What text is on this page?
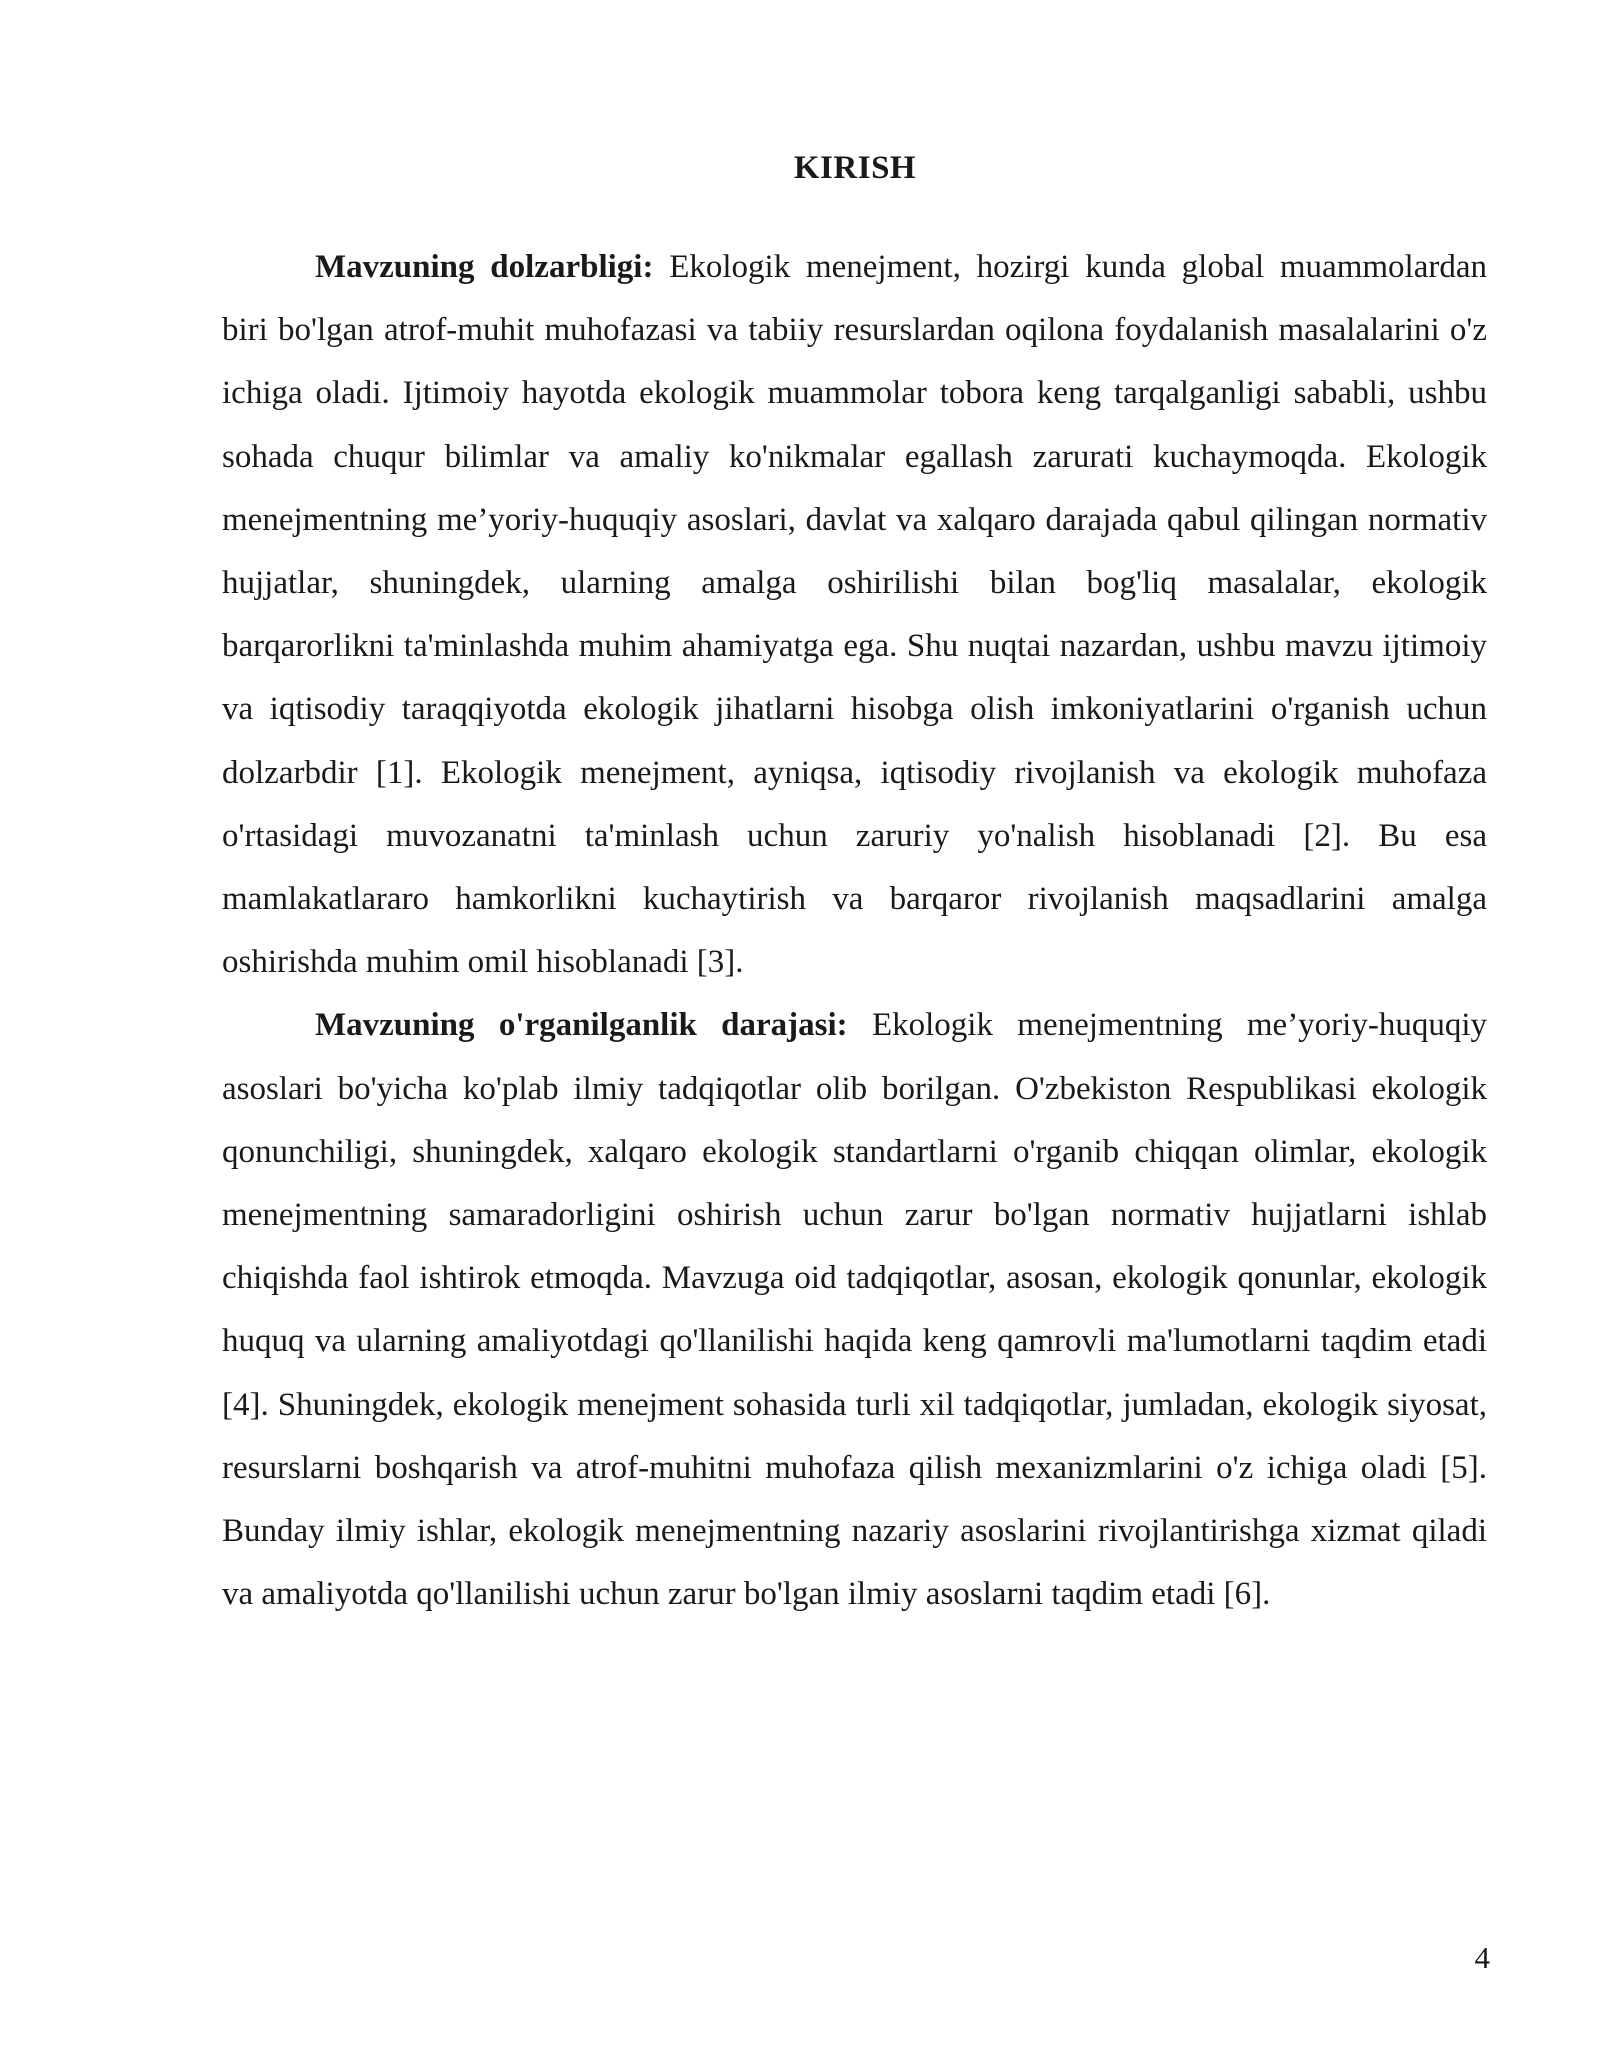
KIRISH

Mavzuning dolzarbligi: Ekologik menejment, hozirgi kunda global muammolardan biri bo'lgan atrof-muhit muhofazasi va tabiiy resurslardan oqilona foydalanish masalalarini o'z ichiga oladi. Ijtimoiy hayotda ekologik muammolar tobora keng tarqalganligi sababli, ushbu sohada chuqur bilimlar va amaliy ko'nikmalar egallash zarurati kuchaymoqda. Ekologik menejmentning me’yoriy-huquqiy asoslari, davlat va xalqaro darajada qabul qilingan normativ hujjatlar, shuningdek, ularning amalga oshirilishi bilan bog'liq masalalar, ekologik barqarorlikni ta'minlashda muhim ahamiyatga ega. Shu nuqtai nazardan, ushbu mavzu ijtimoiy va iqtisodiy taraqqiyotda ekologik jihatlarni hisobga olish imkoniyatlarini o'rganish uchun dolzarbdir [1]. Ekologik menejment, ayniqsa, iqtisodiy rivojlanish va ekologik muhofaza o'rtasidagi muvozanatni ta'minlash uchun zaruriy yo'nalish hisoblanadi [2]. Bu esa mamlakatlararo hamkorlikni kuchaytirish va barqaror rivojlanish maqsadlarini amalga oshirishda muhim omil hisoblanadi [3].

Mavzuning o'rganilganlik darajasi: Ekologik menejmentning me’yoriy-huquqiy asoslari bo'yicha ko'plab ilmiy tadqiqotlar olib borilgan. O'zbekiston Respublikasi ekologik qonunchiligi, shuningdek, xalqaro ekologik standartlarni o'rganib chiqqan olimlar, ekologik menejmentning samaradorligini oshirish uchun zarur bo'lgan normativ hujjatlarni ishlab chiqishda faol ishtirok etmoqda. Mavzuga oid tadqiqotlar, asosan, ekologik qonunlar, ekologik huquq va ularning amaliyotdagi qo'llanilishi haqida keng qamrovli ma'lumotlarni taqdim etadi [4]. Shuningdek, ekologik menejment sohasida turli xil tadqiqotlar, jumladan, ekologik siyosat, resurslarni boshqarish va atrof-muhitni muhofaza qilish mexanizmlarini o'z ichiga oladi [5]. Bunday ilmiy ishlar, ekologik menejmentning nazariy asoslarini rivojlantirishga xizmat qiladi va amaliyotda qo'llanilishi uchun zarur bo'lgan ilmiy asoslarni taqdim etadi [6].

4
